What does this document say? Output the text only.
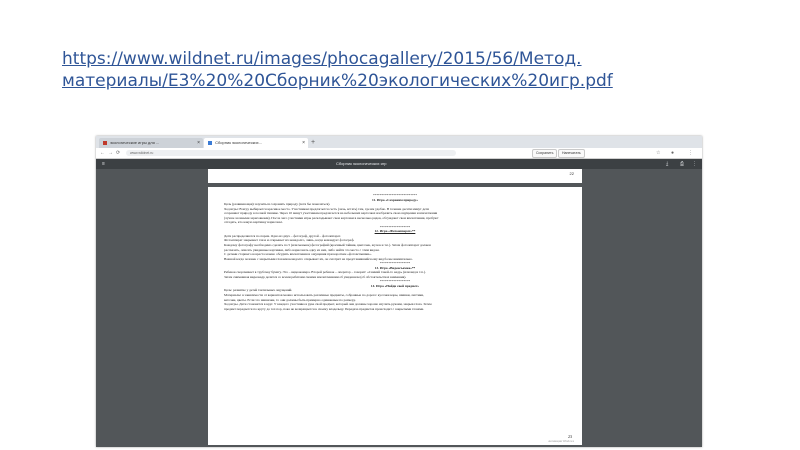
https://www.wildnet.ru/images/phocagallery/2015/56/Метод.
материалы/Е3%20%20Сборник%20экологических%20игр.pdf
экологические игры для ...	×	Сборник экологических...	× +
← → ⟳	www.wildnet.ru	Сохранить	Напечатать	☆ ●	⋮
≡	Сборник экологических игр	⤓ ⎙ ⋮
22
**************************
11. Игра «Сохраним природу»
Цель (развивающая): научиться сохранять природу (хотя бы пожелаться).
Ход игры: В игру выбирается красивое место. Участникам предлагается сесть (лечь, встать) там, где им удобно. В течение десяти минут дети
сохраняют природу в полной тишине. Через 10 минут участникам предлагается на небольших карточках изобразить свои ощущения и впечатления
(лучше заочными зарисовками). После чего участники игры раскладывают свои карточки в несколько рядов, обсуждают свои впечатления, пробуют
отгадать, кто какую картинку нарисовал.
******************
12. Игра «Фотоаппарат»**
Дети распределяются по парам. Одно из двух – фотограф, другой – фотоаппарат.
Фотоаппарат закрывает глаза и открывает их ненадолго, лишь, когда командует фотограф.
Каждому фотографу необходимо сделать по 5 (или меньше) фотографий (красивый тайник, цветочек, жучок и т.п.). Затем фотоаппарат должен
рассказать, описать увиденные картинки, либо нарисовать одну из них, либо найти это место с этим видом.
С детьми старшего возраста можно обсудить впечатления и ощущения при короткие «фотовспышки».
Важной когда человек с закрытыми глазами ненадолго открывает их, он смотрит на представившийся ему вид более внимательно.
******************
13. Игра «Видеосъемка»**
Ребенок сворачивает в трубочку бумагу. Это – видеокамера. Второй ребенок – оператор – говорит: «Снимай такой-то кадр» (или вид и т.п.).
Затем снимавшая видеокадр делится со всеми ребятами своими впечатлениями об увиденном (об обстоятельствах внимания).
******************
14. Игра «Найди свой предмет»
Цель: развитие у детей тактильных ощущений.
Материалы: в зависимости от вариантов можно использовать различные предметы, собранные по дороге: кусочки коры, шишки, листики,
веточки, цветы. Если это шишечки, то они должны быть примерно одинаковые по размеру.
Ход игры. Дети становятся в круг. У каждого участника в руке свой предмет, который они должны хорошо изучить руками, закрыв глаза. Затем
предмет передается по кругу до тех пор, пока не возвращается к своему владельцу. Передача предметов происходит с закрытыми глазами.
23
Активация Windows
